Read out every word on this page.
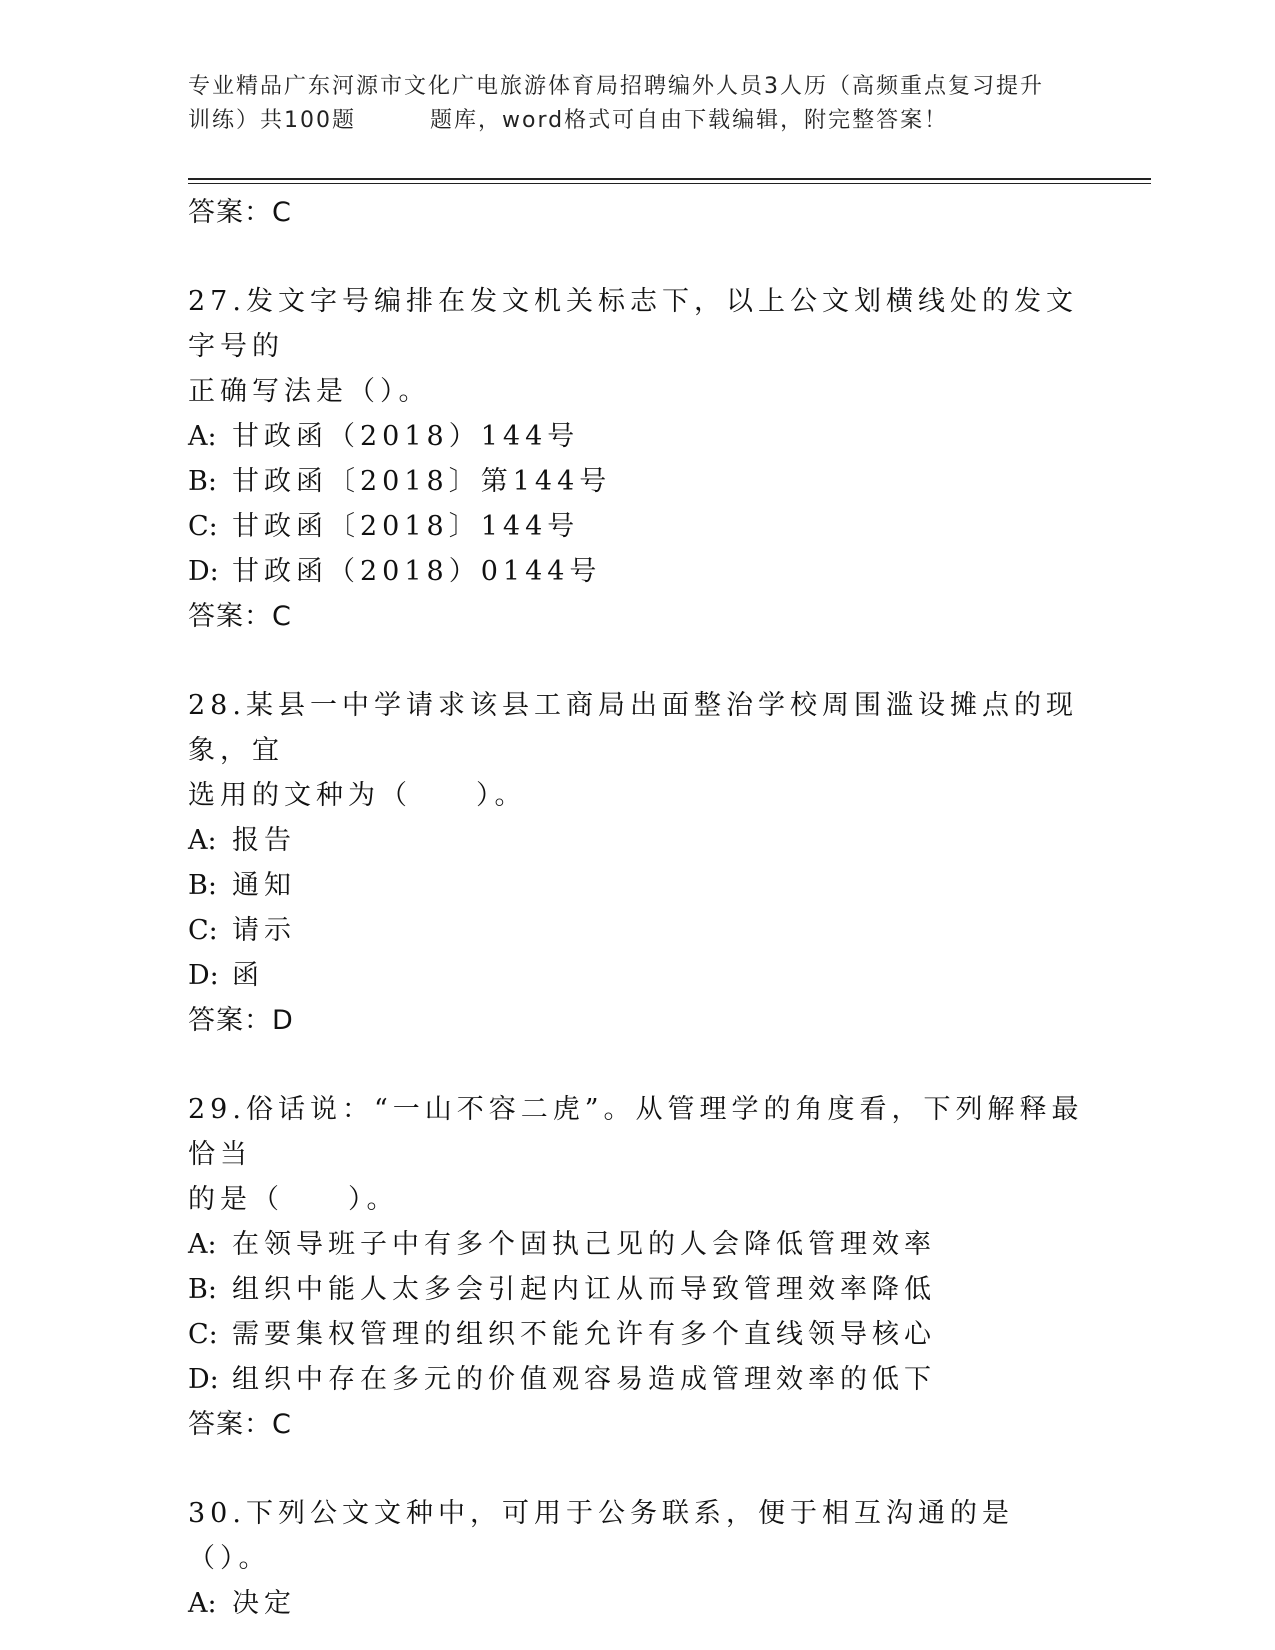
专业精品广东河源市文化广电旅游体育局招聘编外人员3人历（高频重点复习提升

训练）共100题	题库，word格式可自由下载编辑，附完整答案！

答案：C

27.发文字号编排在发文机关标志下，以上公文划横线处的发文字号的

正确写法是（）。

A: 甘政函（2018）144号

B: 甘政函〔2018〕第144号

C: 甘政函〔2018〕144号

D: 甘政函（2018）0144号

答案：C

28.某县一中学请求该县工商局出面整治学校周围滥设摊点的现象，宜

选用的文种为（　　）。

A: 报告

B: 通知

C: 请示

D: 函

答案：D

29.俗话说：“一山不容二虎”。从管理学的角度看，下列解释最恰当

的是（　　）。

A: 在领导班子中有多个固执己见的人会降低管理效率

B: 组织中能人太多会引起内讧从而导致管理效率降低

C: 需要集权管理的组织不能允许有多个直线领导核心

D: 组织中存在多元的价值观容易造成管理效率的低下

答案：C

30.下列公文文种中，可用于公务联系，便于相互沟通的是（）。

A: 决定
